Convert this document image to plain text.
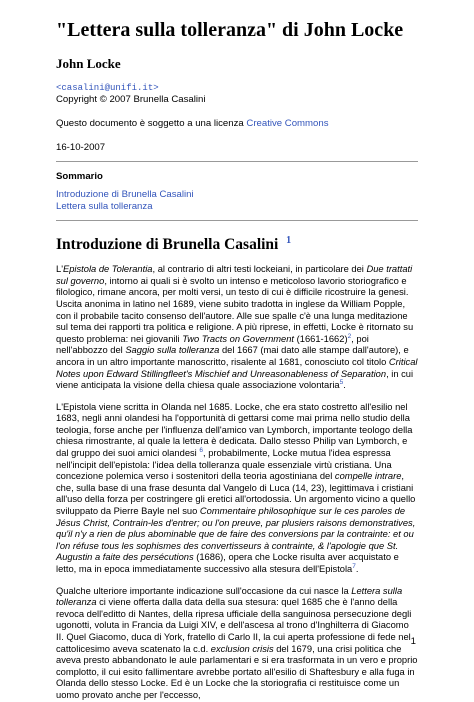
"Lettera sulla tolleranza" di John Locke
John Locke
<casalini@unifi.it>
Copyright © 2007 Brunella Casalini
Questo documento è soggetto a una licenza Creative Commons
16-10-2007
Sommario
Introduzione di Brunella Casalini
Lettera sulla tolleranza
Introduzione di Brunella Casalini $^1$

L'Epistola de Tolerantia, al contrario di altri testi lockeiani, in particolare dei Due trattati sul governo, intorno ai quali si è svolto un intenso e meticoloso lavorio storiografico e filologico, rimane ancora, per molti versi, un testo di cui è difficile ricostruire la genesi. Uscita anonima in latino nel 1689, viene subito tradotta in inglese da William Popple, con il probabile tacito consenso dell'autore. Alle sue spalle c'è una lunga meditazione sul tema dei rapporti tra politica e religione. A più riprese, in effetti, Locke è ritornato su questo problema: nei giovanili Two Tracts on Government (1661-1662)$^2$, poi nell'abbozzo del Saggio sulla tolleranza del 1667 (mai dato alle stampe dall'autore), e ancora in un altro importante manoscritto, risalente al 1681, conosciuto col titolo Critical Notes upon Edward Stillingfleet's Mischief and Unreasonableness of Separation, in cui viene anticipata la visione della chiesa quale associazione volontaria$^5$.

L'Epistola viene scritta in Olanda nel 1685. Locke, che era stato costretto all'esilio nel 1683, negli anni olandesi ha l'opportunità di gettarsi come mai prima nello studio della teologia, forse anche per l'influenza dell'amico van Lymborch, importante teologo della chiesa rimostrante, al quale la lettera è dedicata. Dallo stesso Philip van Lymborch, e dal gruppo dei suoi amici olandesi $^6$, probabilmente, Locke mutua l'idea espressa nell'incipit dell'epistola: l'idea della tolleranza quale essenziale virtù cristiana. Una concezione polemica verso i sostenitori della teoria agostiniana del compelle intrare, che, sulla base di una frase desunta dal Vangelo di Luca (14, 23), legittimava i cristiani all'uso della forza per costringere gli eretici all'ortodossia. Un argomento vicino a quello sviluppato da Pierre Bayle nel suo Commentaire philosophique sur le ces paroles de Jésus Christ, Contrain-les d'entrer; ou l'on preuve, par plusiers raisons demonstratives, qu'il n'y a rien de plus abominable que de faire des conversions par la contrainte: et ou l'on réfuse tous les sophismes des convertisseurs à contrainte, & l'apologie que St. Augustin a faite des persécutions (1686), opera che Locke risulta aver acquistato e letto, ma in epoca immediatamente successivo alla stesura dell'Epistola$^7$.

Qualche ulteriore importante indicazione sull'occasione da cui nasce la Lettera sulla tolleranza ci viene offerta dalla data della sua stesura: quel 1685 che è l'anno della revoca dell'editto di Nantes, della ripresa ufficiale della sanguinosa persecuzione degli ugonotti, voluta in Francia da Luigi XIV, e dell'ascesa al trono d'Inghilterra di Giacomo II. Quel Giacomo, duca di York, fratello di Carlo II, la cui aperta professione di fede nel cattolicesimo aveva scatenato la c.d. exclusion crisis del 1679, una crisi politica che aveva presto abbandonato le aule parlamentari e si era trasformata in un vero e proprio complotto, il cui esito fallimentare avrebbe portato all'esilio di Shaftesbury e alla fuga in Olanda dello stesso Locke. Ed è un Locke che la storiografia ci restituisce come un uomo provato anche per l'eccesso,

1
